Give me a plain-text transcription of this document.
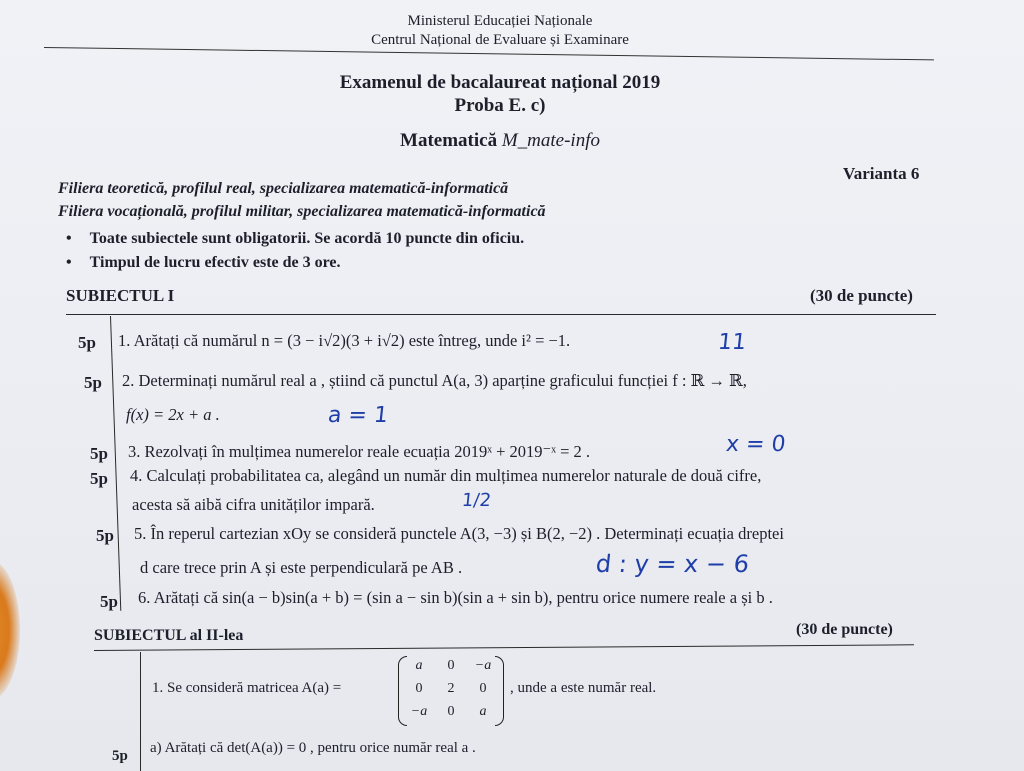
Ministerul Educației Naționale
Centrul Național de Evaluare și Examinare
Examenul de bacalaureat național 2019
Proba E. c)
Matematică M_mate-info
Varianta 6
Filiera teoretică, profilul real, specializarea matematică-informatică
Filiera vocațională, profilul militar, specializarea matematică-informatică
• Toate subiectele sunt obligatorii. Se acordă 10 puncte din oficiu.
• Timpul de lucru efectiv este de 3 ore.
SUBIECTUL I	(30 de puncte)
5p 1. Arătați că numărul n = (3 − i√2)(3 + i√2) este întreg, unde i² = −1.	11
5p 2. Determinați numărul real a , știind că punctul A(a, 3) aparține graficului funcției f : ℝ → ℝ,
f(x) = 2x + a .	a = 1
5p 3. Rezolvați în mulțimea numerelor reale ecuația 2019ˣ + 2019⁻ˣ = 2 .	x = 0
5p 4. Calculați probabilitatea ca, alegând un număr din mulțimea numerelor naturale de două cifre,
acesta să aibă cifra unităților impară.	1/2
5p 5. În reperul cartezian xOy se consideră punctele A(3, −3) și B(2, −2) . Determinați ecuația dreptei
d care trece prin A și este perpendiculară pe AB .	d : y = x − 6
5p 6. Arătați că sin(a − b)sin(a + b) = (sin a − sin b)(sin a + sin b), pentru orice numere reale a și b .
SUBIECTUL al II-lea	(30 de puncte)
1. Se consideră matricea A(a) =
a	0	−a
0	2	0
−a	0	a
, unde a este număr real.
5p a) Arătați că det(A(a)) = 0 , pentru orice număr real a .
